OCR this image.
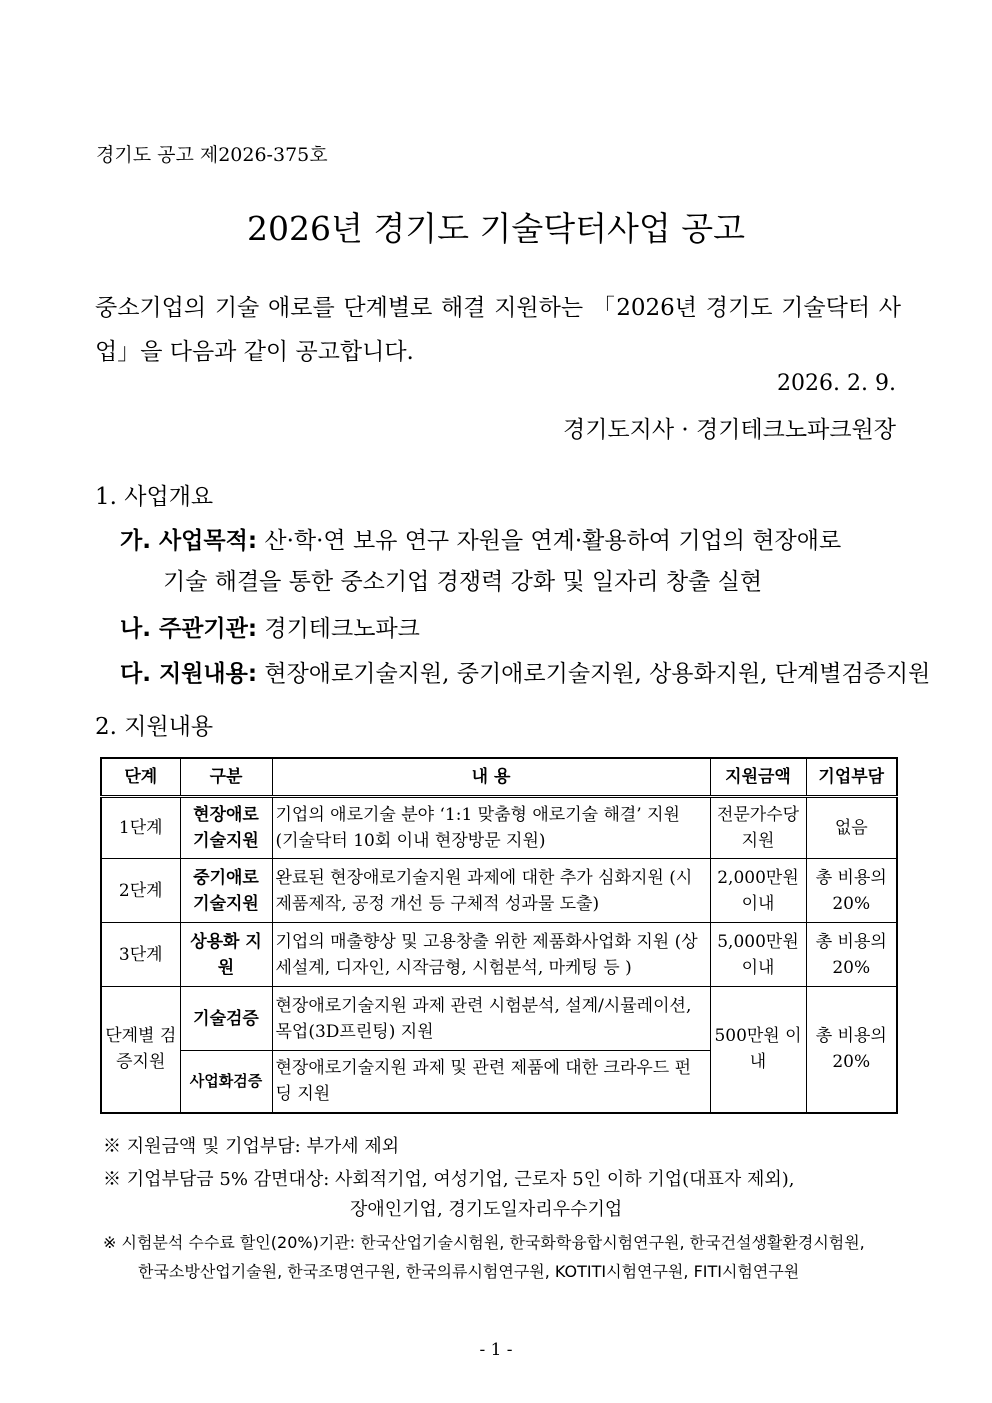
경기도 공고 제2026-375호
2026년 경기도 기술닥터사업 공고
중소기업의 기술 애로를 단계별로 해결 지원하는 「2026년 경기도 기술닥터 사업」을 다음과 같이 공고합니다.
2026. 2. 9.
경기도지사 · 경기테크노파크원장
1. 사업개요
가. 사업목적: 산·학·연 보유 연구 자원을 연계·활용하여 기업의 현장애로
기술 해결을 통한 중소기업 경쟁력 강화 및 일자리 창출 실현
나. 주관기관: 경기테크노파크
다. 지원내용: 현장애로기술지원, 중기애로기술지원, 상용화지원, 단계별검증지원
2. 지원내용
단계	구분	내 용	지원금액	기업부담
1단계	현장애로 기술지원	기업의 애로기술 분야 ‘1:1 맞춤형 애로기술 해결’ 지원 (기술닥터 10회 이내 현장방문 지원)	전문가수당 지원	없음
2단계	중기애로 기술지원	완료된 현장애로기술지원 과제에 대한 추가 심화지원 (시제품제작, 공정 개선 등 구체적 성과물 도출)	2,000만원 이내	총 비용의 20%
3단계	상용화 지원	기업의 매출향상 및 고용창출 위한 제품화사업화 지원 (상세설계, 디자인, 시작금형, 시험분석, 마케팅 등 )	5,000만원 이내	총 비용의 20%
단계별 검증지원	기술검증	현장애로기술지원 과제 관련 시험분석, 설계/시뮬레이션, 목업(3D프린팅) 지원	500만원 이내	총 비용의 20%
	사업화검증	현장애로기술지원 과제 및 관련 제품에 대한 크라우드 펀딩 지원		
※ 지원금액 및 기업부담: 부가세 제외
※ 기업부담금 5% 감면대상: 사회적기업, 여성기업, 근로자 5인 이하 기업(대표자 제외),
장애인기업, 경기도일자리우수기업
※ 시험분석 수수료 할인(20%)기관: 한국산업기술시험원, 한국화학융합시험연구원, 한국건설생활환경시험원,
한국소방산업기술원, 한국조명연구원, 한국의류시험연구원, KOTITI시험연구원, FITI시험연구원
- 1 -
